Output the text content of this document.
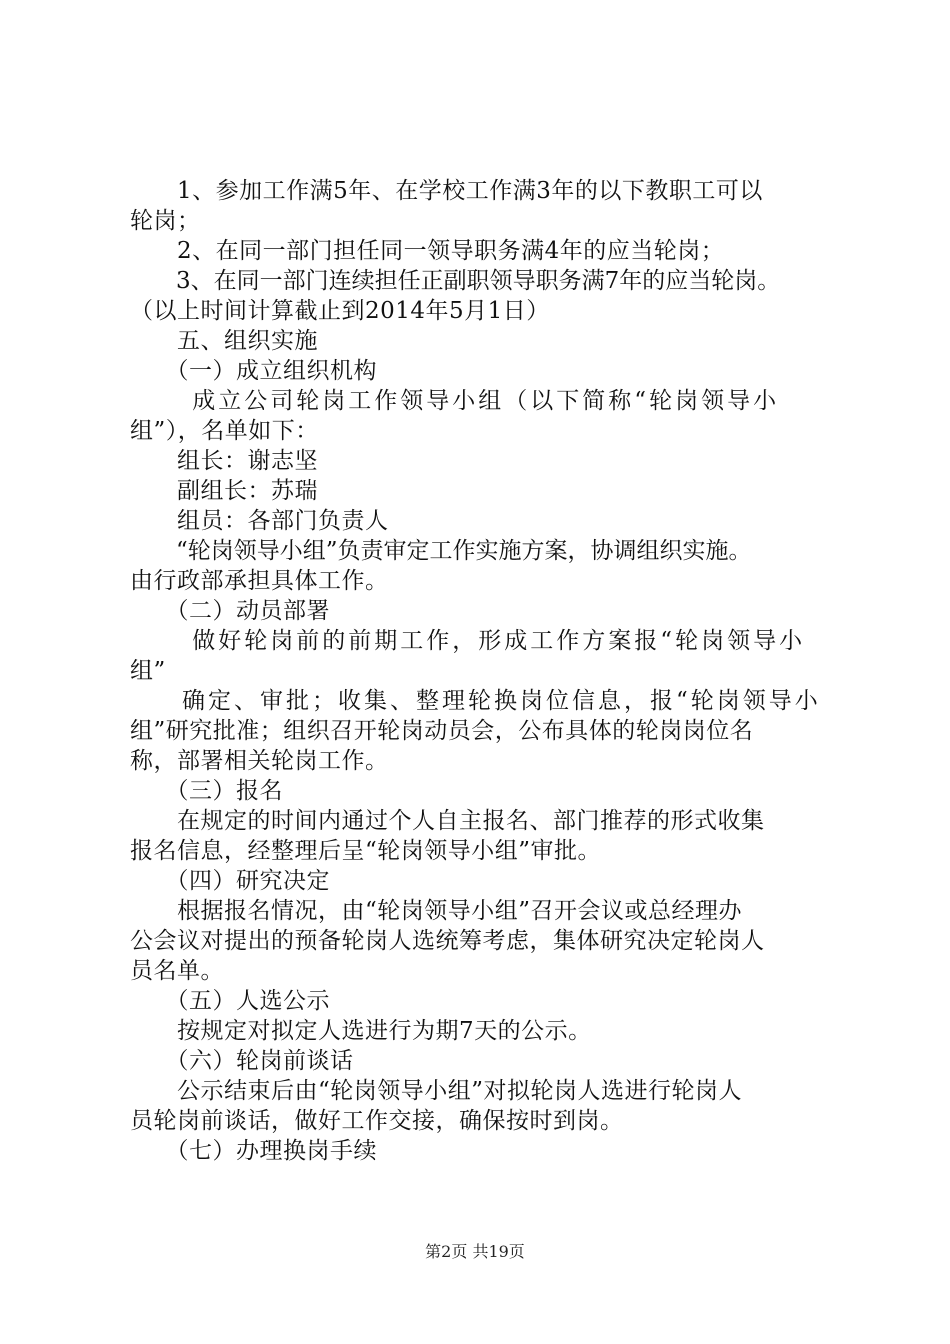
　　1、参加工作满5年、在学校工作满3年的以下教职工可以
轮岗；
　　2、在同一部门担任同一领导职务满4年的应当轮岗；
　　3、在同一部门连续担任正副职领导职务满7年的应当轮岗。
（以上时间计算截止到2014年5月1日）
　　五、组织实施
　　（一）成立组织机构
　　 成立公司轮岗工作领导小组（以下简称“轮岗领导小
组”），名单如下：
　　组长：谢志坚
　　副组长：苏瑞
　　组员：各部门负责人
　　“轮岗领导小组”负责审定工作实施方案，协调组织实施。
由行政部承担具体工作。
　　（二）动员部署
　　 做好轮岗前的前期工作，形成工作方案报“轮岗领导小
组”
　　确定、审批；收集、整理轮换岗位信息，报“轮岗领导小
组”研究批准；组织召开轮岗动员会，公布具体的轮岗岗位名
称，部署相关轮岗工作。
　　（三）报名
　　在规定的时间内通过个人自主报名、部门推荐的形式收集
报名信息，经整理后呈“轮岗领导小组”审批。
　　（四）研究决定
　　根据报名情况，由“轮岗领导小组”召开会议或总经理办
公会议对提出的预备轮岗人选统筹考虑，集体研究决定轮岗人
员名单。
　　（五）人选公示
　　按规定对拟定人选进行为期7天的公示。
　　（六）轮岗前谈话
　　公示结束后由“轮岗领导小组”对拟轮岗人选进行轮岗人
员轮岗前谈话，做好工作交接，确保按时到岗。
　　（七）办理换岗手续
第2页 共19页
